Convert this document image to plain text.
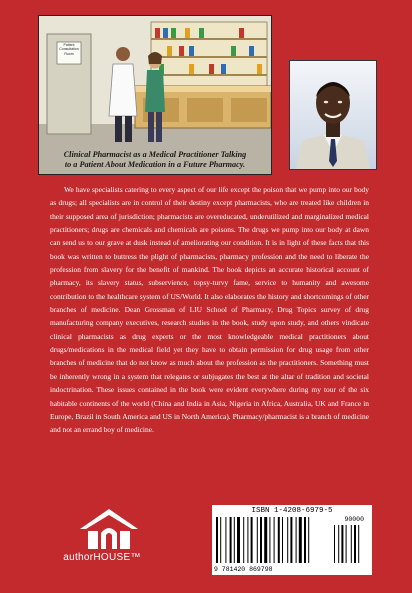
Patient
Consultation
Room
Clinical Pharmacist as a Medical Practitioner Talking
to a Patient About Medication in a Future Pharmacy.

We have specialists catering to every aspect of our life except the poison that we pump into our body as drugs; all specialists are in control of their destiny except pharmacists, who are treated like children in their supposed area of jurisdiction; pharmacists are overeducated, underutilized and marginalized medical practitioners; drugs are chemicals and chemicals are poisons. The drugs we pump into our body at dawn can send us to our grave at dusk instead of ameliorating our condition. It is in light of these facts that this book was written to buttress the plight of pharmacists, pharmacy profession and the need to liberate the profession from slavery for the benefit of mankind. The book depicts an accurate historical account of pharmacy, its slavery status, subservience, topsy-turvy fame, service to humanity and awesome contribution to the healthcare system of US/World. It also elaborates the history and shortcomings of other branches of medicine. Dean Grossman of LIU School of Pharmacy, Drug Topics survey of drug manufacturing company executives, research studies in the book, study upon study, and others vindicate clinical pharmacists as drug experts or the most knowledgeable medical practitioners about drugs/medications in the medical field yet they have to obtain permission for drug usage from other branches of medicine that do not know as much about the profession as the practitioners. Something must be inherently wrong in a system that relegates or subjugates the best at the altar of tradition and societal indoctrination. These issues contained in the book were evident everywhere during my tour of the six habitable continents of the world (China and India in Asia, Nigeria in Africa, Australia, UK and France in Europe, Brazil in South America and US in North America). Pharmacy/pharmacist is a branch of medicine and not an errand boy of medicine.

authorHOUSE™
ISBN 1-4208-6979-5
9 781420 869798
90000
